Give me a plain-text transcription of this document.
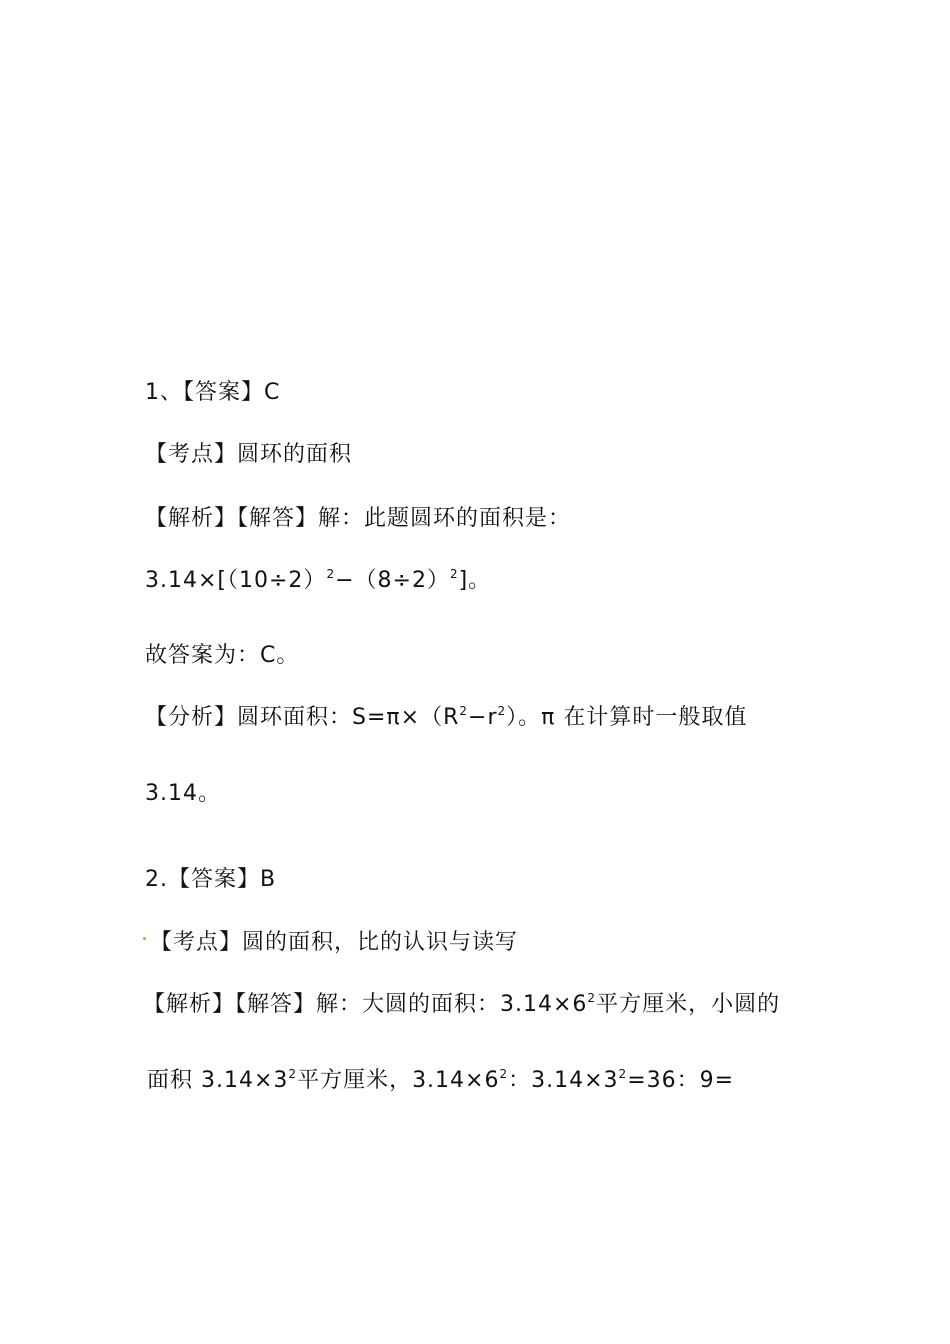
1、【答案】C
【考点】圆环的面积
【解析】【解答】解：此题圆环的面积是：
$3.14\times[(10\div 2)^2-(8\div 2)^2]$。
故答案为：C。
【分析】圆环面积：$S=\pi\times(R^2-r^2)$。π 在计算时一般取值
3.14。
2.【答案】B
【考点】圆的面积，比的认识与读写
【解析】【解答】解：大圆的面积：$3.14\times 6^2$平方厘米，小圆的
面积 $3.14\times 3^2$平方厘米，$3.14\times 6^2$：$3.14\times 3^2=36$：9=
